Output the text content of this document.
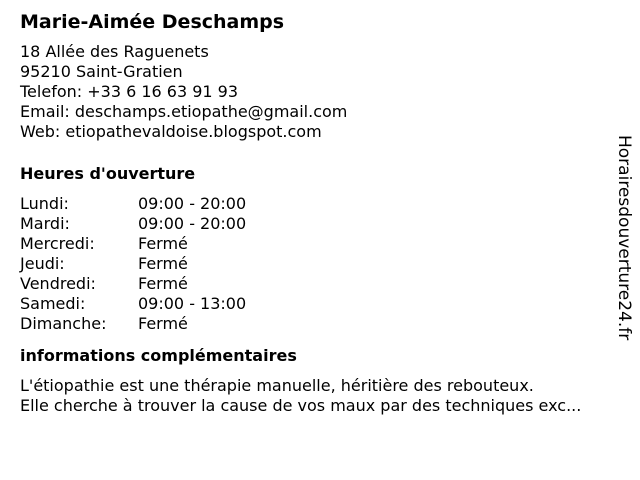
Marie-Aimée Deschamps
18 Allée des Raguenets
95210 Saint-Gratien
Telefon: +33 6 16 63 91 93
Email: deschamps.etiopathe@gmail.com
Web: etiopathevaldoise.blogspot.com
Heures d'ouverture
Lundi:	09:00 - 20:00
Mardi:	09:00 - 20:00
Mercredi:	Fermé
Jeudi:	Fermé
Vendredi:	Fermé
Samedi:	09:00 - 13:00
Dimanche:	Fermé
informations complémentaires
L'étiopathie est une thérapie manuelle, héritière des rebouteux.
Elle cherche à trouver la cause de vos maux par des techniques exc...
Horairesdouverture24.fr
